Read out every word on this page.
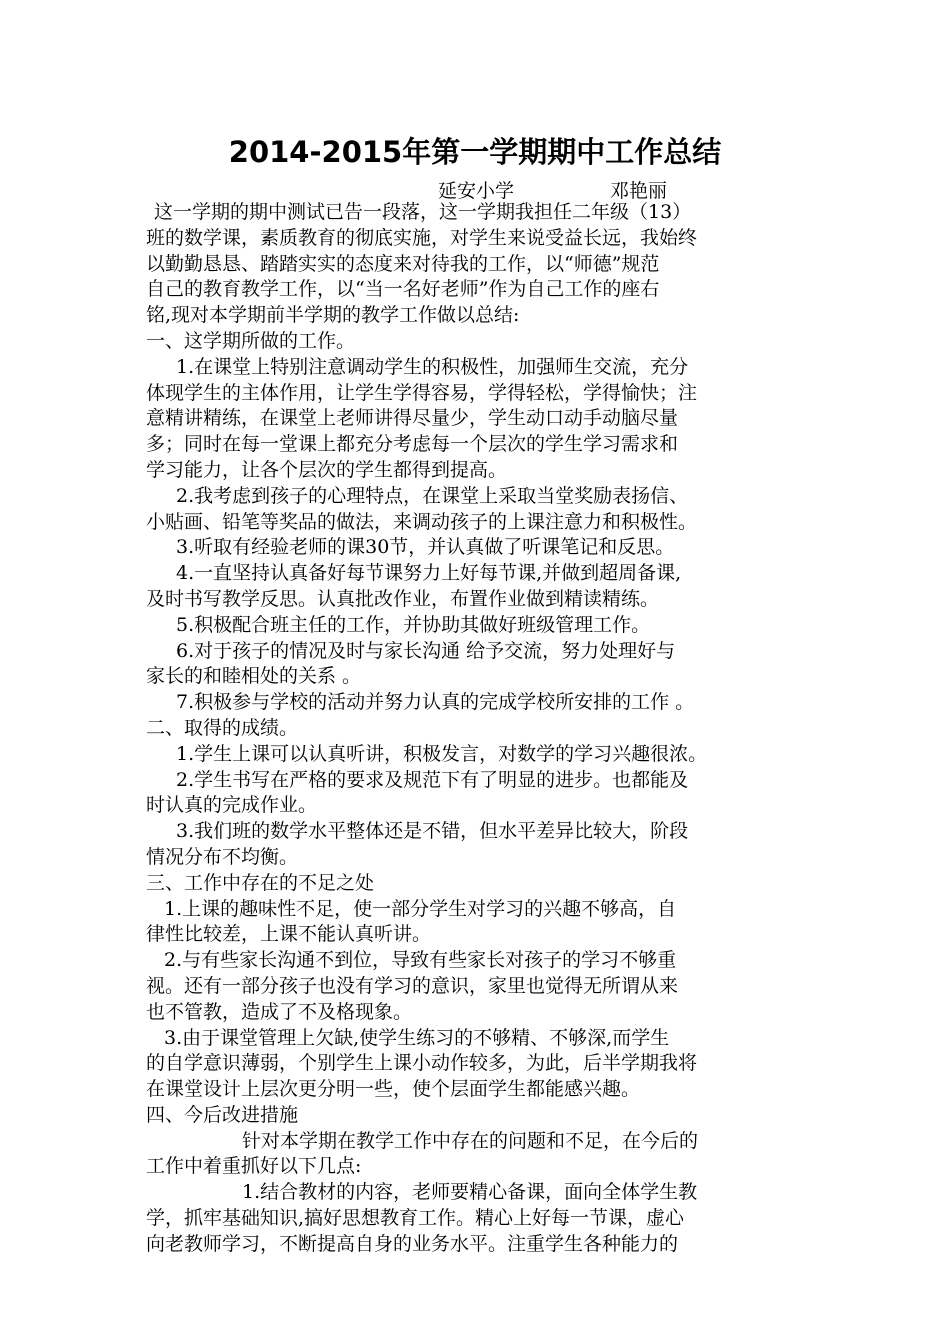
2014-2015年第一学期期中工作总结
延安小学	邓艳丽
这一学期的期中测试已告一段落，这一学期我担任二年级（13）
班的数学课，素质教育的彻底实施，对学生来说受益长远，我始终
以勤勤恳恳、踏踏实实的态度来对待我的工作，以“师德”规范
自己的教育教学工作，以“当一名好老师”作为自己工作的座右
铭,现对本学期前半学期的教学工作做以总结:
一、这学期所做的工作。
1.在课堂上特别注意调动学生的积极性，加强师生交流，充分
体现学生的主体作用，让学生学得容易，学得轻松，学得愉快；注
意精讲精练，在课堂上老师讲得尽量少，学生动口动手动脑尽量
多；同时在每一堂课上都充分考虑每一个层次的学生学习需求和
学习能力，让各个层次的学生都得到提高。
2.我考虑到孩子的心理特点，在课堂上采取当堂奖励表扬信、
小贴画、铅笔等奖品的做法，来调动孩子的上课注意力和积极性。
3.听取有经验老师的课30节，并认真做了听课笔记和反思。
4.一直坚持认真备好每节课努力上好每节课,并做到超周备课,
及时书写教学反思。认真批改作业，布置作业做到精读精练。
5.积极配合班主任的工作，并协助其做好班级管理工作。
6.对于孩子的情况及时与家长沟通 给予交流，努力处理好与
家长的和睦相处的关系 。
7.积极参与学校的活动并努力认真的完成学校所安排的工作 。
二、取得的成绩。
1.学生上课可以认真听讲，积极发言，对数学的学习兴趣很浓。
2.学生书写在严格的要求及规范下有了明显的进步。也都能及
时认真的完成作业。
3.我们班的数学水平整体还是不错，但水平差异比较大，阶段
情况分布不均衡。
三、工作中存在的不足之处
1.上课的趣味性不足，使一部分学生对学习的兴趣不够高，自
律性比较差，上课不能认真听讲。
2.与有些家长沟通不到位，导致有些家长对孩子的学习不够重
视。还有一部分孩子也没有学习的意识，家里也觉得无所谓从来
也不管教，造成了不及格现象。
3.由于课堂管理上欠缺,使学生练习的不够精、不够深,而学生
的自学意识薄弱，个别学生上课小动作较多，为此，后半学期我将
在课堂设计上层次更分明一些，使个层面学生都能感兴趣。
四、今后改进措施
针对本学期在教学工作中存在的问题和不足，在今后的
工作中着重抓好以下几点:
1.结合教材的内容，老师要精心备课，面向全体学生教
学，抓牢基础知识,搞好思想教育工作。精心上好每一节课，虚心
向老教师学习，不断提高自身的业务水平。注重学生各种能力的
